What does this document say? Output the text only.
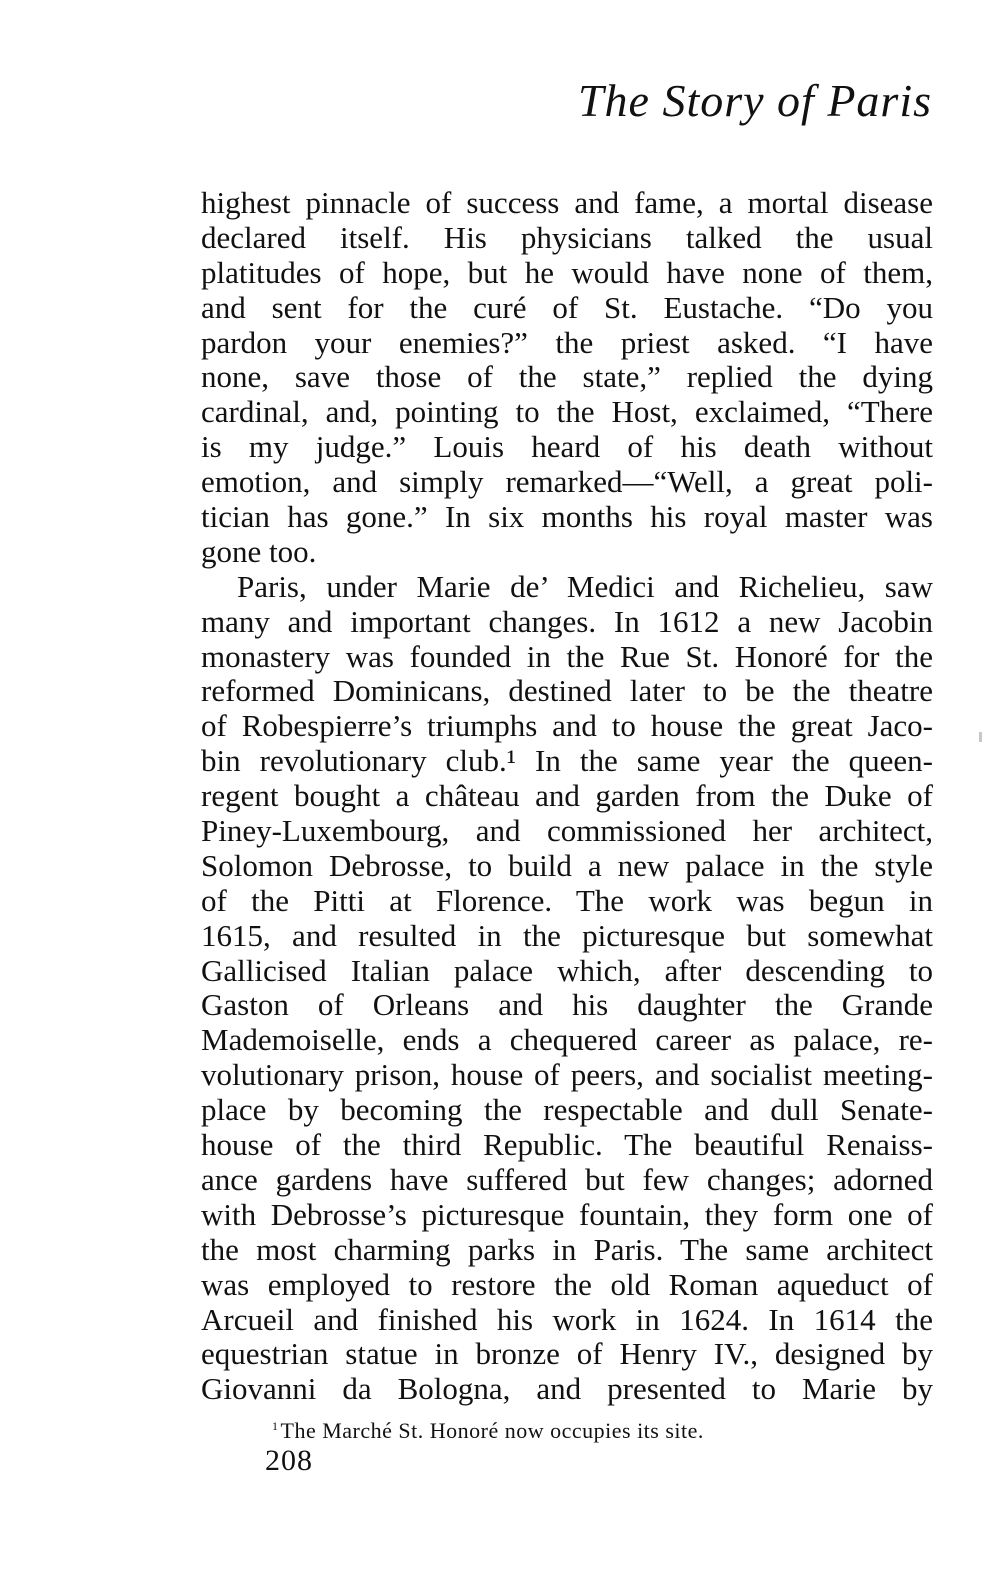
The Story of Paris
highest pinnacle of success and fame, a mortal disease
declared itself. His physicians talked the usual
platitudes of hope, but he would have none of them,
and sent for the curé of St. Eustache. “Do you
pardon your enemies?” the priest asked. “I have
none, save those of the state,” replied the dying
cardinal, and, pointing to the Host, exclaimed, “There
is my judge.” Louis heard of his death without
emotion, and simply remarked—“Well, a great poli-
tician has gone.” In six months his royal master was
gone too.
Paris, under Marie de’ Medici and Richelieu, saw
many and important changes. In 1612 a new Jacobin
monastery was founded in the Rue St. Honoré for the
reformed Dominicans, destined later to be the theatre
of Robespierre’s triumphs and to house the great Jaco-
bin revolutionary club.¹ In the same year the queen-
regent bought a château and garden from the Duke of
Piney-Luxembourg, and commissioned her architect,
Solomon Debrosse, to build a new palace in the style
of the Pitti at Florence. The work was begun in
1615, and resulted in the picturesque but somewhat
Gallicised Italian palace which, after descending to
Gaston of Orleans and his daughter the Grande
Mademoiselle, ends a chequered career as palace, re-
volutionary prison, house of peers, and socialist meeting-
place by becoming the respectable and dull Senate-
house of the third Republic. The beautiful Renaiss-
ance gardens have suffered but few changes; adorned
with Debrosse’s picturesque fountain, they form one of
the most charming parks in Paris. The same architect
was employed to restore the old Roman aqueduct of
Arcueil and finished his work in 1624. In 1614 the
equestrian statue in bronze of Henry IV., designed by
Giovanni da Bologna, and presented to Marie by
$^1$The Marché St. Honoré now occupies its site.
208
